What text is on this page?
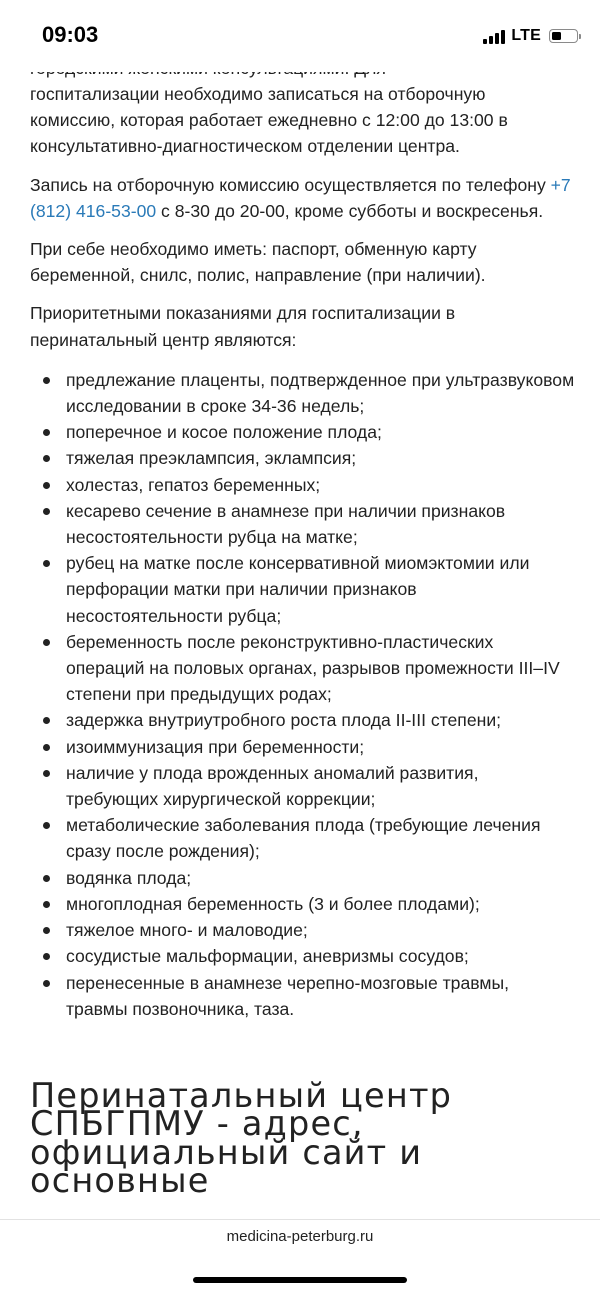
09:03	LTE

госпитализации необходимо записаться на отборочную комиссию, которая работает ежедневно с 12:00 до 13:00 в консультативно-диагностическом отделении центра.

Запись на отборочную комиссию осуществляется по телефону +7 (812) 416-53-00 с 8-30 до 20-00, кроме субботы и воскресенья.

При себе необходимо иметь: паспорт, обменную карту беременной, снилс, полис, направление (при наличии).

Приоритетными показаниями для госпитализации в перинатальный центр являются:

предлежание плаценты, подтвержденное при ультразвуковом исследовании в сроке 34-36 недель;
поперечное и косое положение плода;
тяжелая преэклампсия, эклампсия;
холестаз, гепатоз беременных;
кесарево сечение в анамнезе при наличии признаков несостоятельности рубца на матке;
рубец на матке после консервативной миомэктомии или перфорации матки при наличии признаков несостоятельности рубца;
беременность после реконструктивно-пластических операций на половых органах, разрывов промежности III–IV степени при предыдущих родах;
задержка внутриутробного роста плода II-III степени;
изоиммунизация при беременности;
наличие у плода врожденных аномалий развития, требующих хирургической коррекции;
метаболические заболевания плода (требующие лечения сразу после рождения);
водянка плода;
многоплодная беременность (3 и более плодами);
тяжелое много- и маловодие;
сосудистые мальформации, аневризмы сосудов;
перенесенные в анамнезе черепно-мозговые травмы, травмы позвоночника, таза.
Перинатальный центр СПБГПМУ - адрес, официальный сайт и основные
medicina-peterburg.ru
